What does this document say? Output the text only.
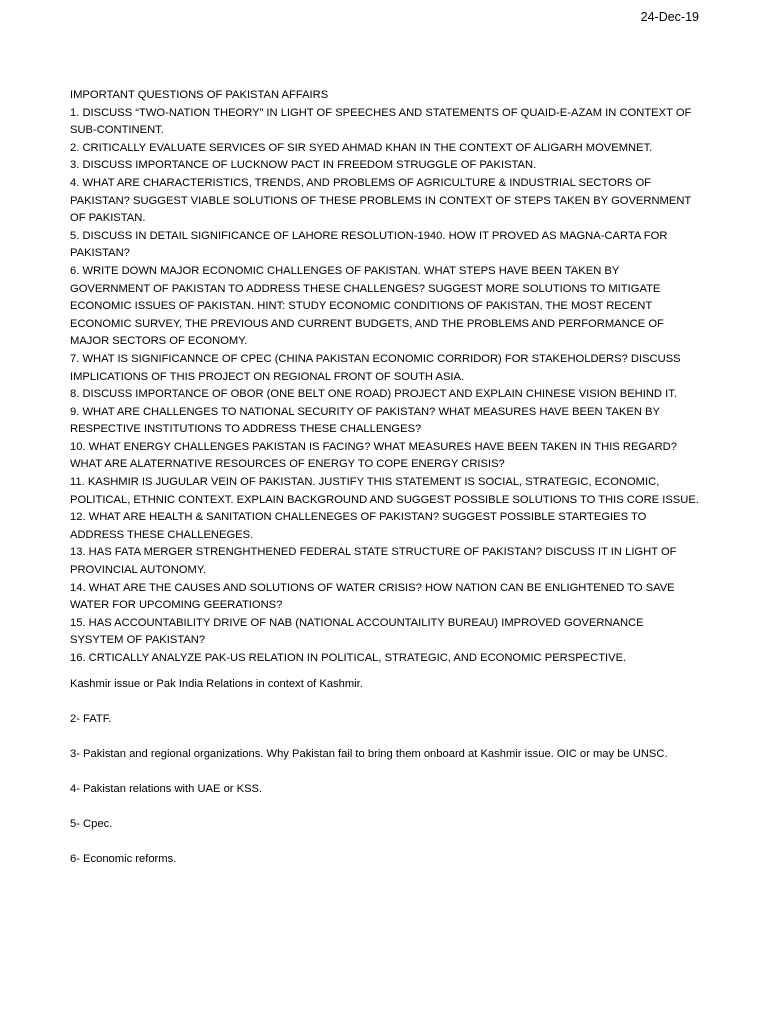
24-Dec-19

IMPORTANT QUESTIONS OF PAKISTAN AFFAIRS

1. DISCUSS “TWO-NATION THEORY” IN LIGHT OF SPEECHES AND STATEMENTS OF QUAID-E-AZAM IN CONTEXT OF SUB-CONTINENT.
2. CRITICALLY EVALUATE SERVICES OF SIR SYED AHMAD KHAN IN THE CONTEXT OF ALIGARH MOVEMNET.
3. DISCUSS IMPORTANCE OF LUCKNOW PACT IN FREEDOM STRUGGLE OF PAKISTAN.
4. WHAT ARE CHARACTERISTICS, TRENDS, AND PROBLEMS OF AGRICULTURE & INDUSTRIAL SECTORS OF PAKISTAN? SUGGEST VIABLE SOLUTIONS OF THESE PROBLEMS IN CONTEXT OF STEPS TAKEN BY GOVERNMENT OF PAKISTAN.
5. DISCUSS IN DETAIL SIGNIFICANCE OF LAHORE RESOLUTION-1940. HOW IT PROVED AS MAGNA-CARTA FOR PAKISTAN?
6. WRITE DOWN MAJOR ECONOMIC CHALLENGES OF PAKISTAN. WHAT STEPS HAVE BEEN TAKEN BY GOVERNMENT OF PAKISTAN TO ADDRESS THESE CHALLENGES? SUGGEST MORE SOLUTIONS TO MITIGATE ECONOMIC ISSUES OF PAKISTAN. HINT: STUDY ECONOMIC CONDITIONS OF PAKISTAN, THE MOST RECENT ECONOMIC SURVEY, THE PREVIOUS AND CURRENT BUDGETS, AND THE PROBLEMS AND PERFORMANCE OF MAJOR SECTORS OF ECONOMY.
7. WHAT IS SIGNIFICANNCE OF CPEC (CHINA PAKISTAN ECONOMIC CORRIDOR) FOR STAKEHOLDERS? DISCUSS IMPLICATIONS OF THIS PROJECT ON REGIONAL FRONT OF SOUTH ASIA.
8. DISCUSS IMPORTANCE OF OBOR (ONE BELT ONE ROAD) PROJECT AND EXPLAIN CHINESE VISION BEHIND IT.
9. WHAT ARE CHALLENGES TO NATIONAL SECURITY OF PAKISTAN? WHAT MEASURES HAVE BEEN TAKEN BY RESPECTIVE INSTITUTIONS TO ADDRESS THESE CHALLENGES?
10. WHAT ENERGY CHALLENGES PAKISTAN IS FACING? WHAT MEASURES HAVE BEEN TAKEN IN THIS REGARD? WHAT ARE ALATERNATIVE RESOURCES OF ENERGY TO COPE ENERGY CRISIS?
11. KASHMIR IS JUGULAR VEIN OF PAKISTAN. JUSTIFY THIS STATEMENT IS SOCIAL, STRATEGIC, ECONOMIC, POLITICAL, ETHNIC CONTEXT. EXPLAIN BACKGROUND AND SUGGEST POSSIBLE SOLUTIONS TO THIS CORE ISSUE.
12. WHAT ARE HEALTH & SANITATION CHALLENEGES OF PAKISTAN? SUGGEST POSSIBLE STARTEGIES TO ADDRESS THESE CHALLENEGES.
13. HAS FATA MERGER STRENGHTHENED FEDERAL STATE STRUCTURE OF PAKISTAN? DISCUSS IT IN LIGHT OF PROVINCIAL AUTONOMY.
14. WHAT ARE THE CAUSES AND SOLUTIONS OF WATER CRISIS? HOW NATION CAN BE ENLIGHTENED TO SAVE WATER FOR UPCOMING GEERATIONS?
15. HAS ACCOUNTABILITY DRIVE OF NAB (NATIONAL ACCOUNTAILITY BUREAU) IMPROVED GOVERNANCE SYSYTEM OF PAKISTAN?
16. CRTICALLY ANALYZE PAK-US RELATION IN POLITICAL, STRATEGIC, AND ECONOMIC PERSPECTIVE.

Kashmir issue or Pak India Relations in context of Kashmir.

2- FATF.

3- Pakistan and regional organizations. Why Pakistan fail to bring them onboard at Kashmir issue. OIC or may be UNSC.

4- Pakistan relations with UAE or KSS.

5- Cpec.

6- Economic reforms.
